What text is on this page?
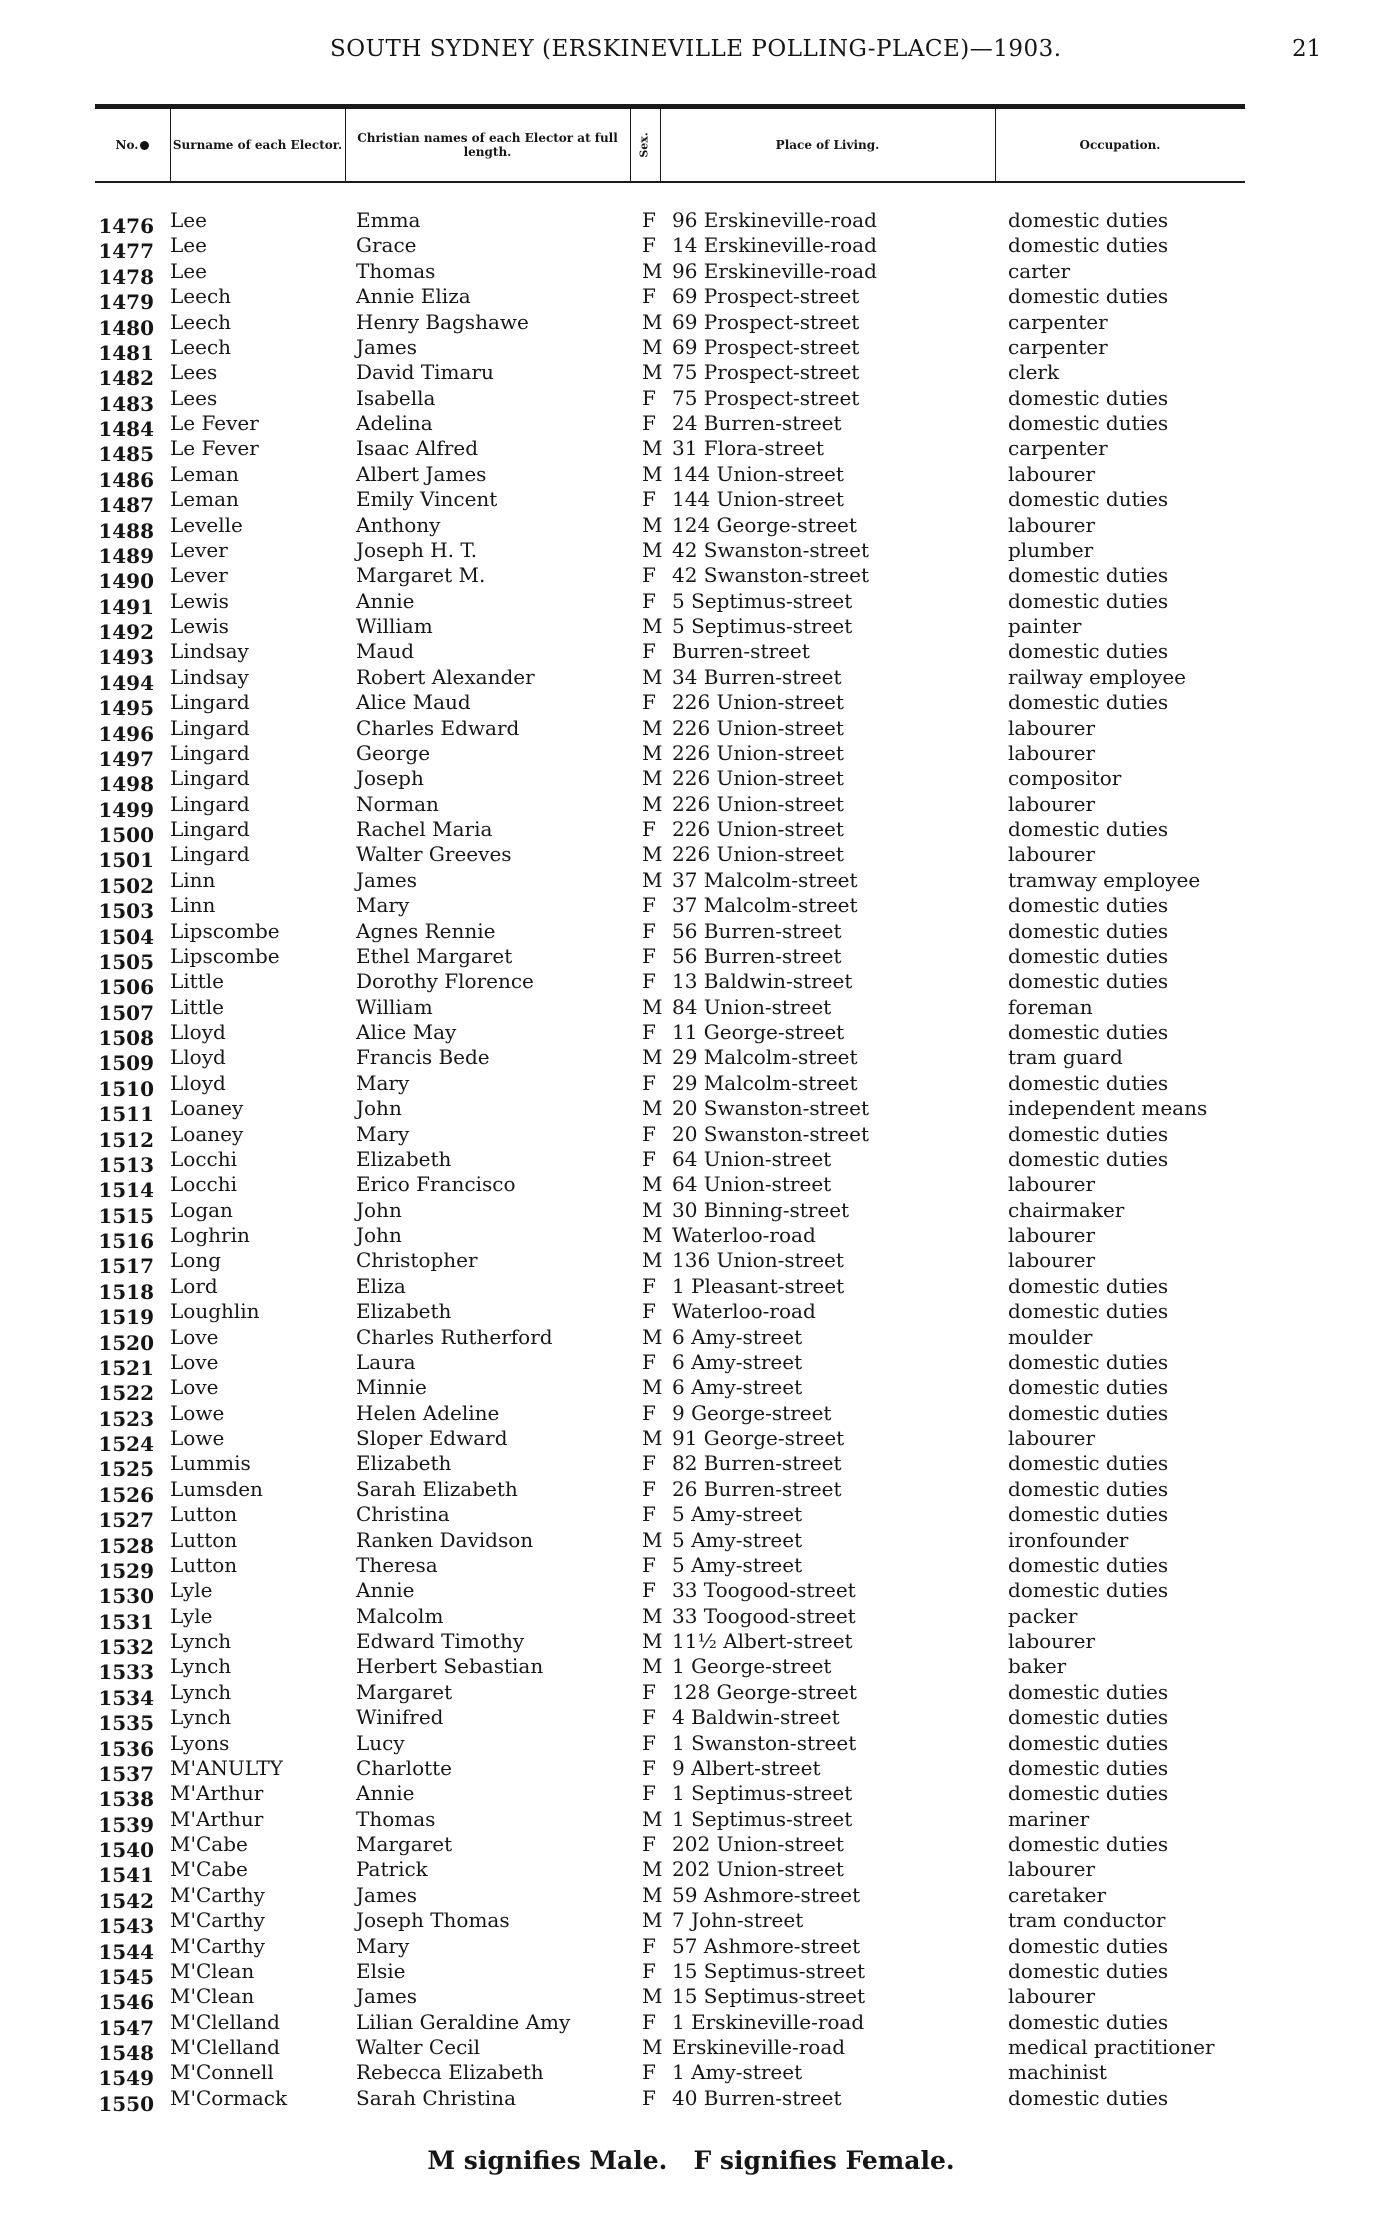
SOUTH SYDNEY (ERSKINEVILLE POLLING-PLACE)—1903.	21
No.	Surname of each Elector.	Christian names of each Elector at full length.	Sex.	Place of Living.	Occupation.
1476 Lee	Emma	F 96 Erskineville-road	domestic duties
1477 Lee	Grace	F 14 Erskineville-road	domestic duties
1478 Lee	Thomas	M 96 Erskineville-road	carter
1479 Leech	Annie Eliza	F 69 Prospect-street	domestic duties
1480 Leech	Henry Bagshawe	M 69 Prospect-street	carpenter
1481 Leech	James	M 69 Prospect-street	carpenter
1482 Lees	David Timaru	M 75 Prospect-street	clerk
1483 Lees	Isabella	F 75 Prospect-street	domestic duties
1484 Le Fever	Adelina	F 24 Burren-street	domestic duties
1485 Le Fever	Isaac Alfred	M 31 Flora-street	carpenter
1486 Leman	Albert James	M 144 Union-street	labourer
1487 Leman	Emily Vincent	F 144 Union-street	domestic duties
1488 Levelle	Anthony	M 124 George-street	labourer
1489 Lever	Joseph H. T.	M 42 Swanston-street	plumber
1490 Lever	Margaret M.	F 42 Swanston-street	domestic duties
1491 Lewis	Annie	F 5 Septimus-street	domestic duties
1492 Lewis	William	M 5 Septimus-street	painter
1493 Lindsay	Maud	F Burren-street	domestic duties
1494 Lindsay	Robert Alexander	M 34 Burren-street	railway employee
1495 Lingard	Alice Maud	F 226 Union-street	domestic duties
1496 Lingard	Charles Edward	M 226 Union-street	labourer
1497 Lingard	George	M 226 Union-street	labourer
1498 Lingard	Joseph	M 226 Union-street	compositor
1499 Lingard	Norman	M 226 Union-street	labourer
1500 Lingard	Rachel Maria	F 226 Union-street	domestic duties
1501 Lingard	Walter Greeves	M 226 Union-street	labourer
1502 Linn	James	M 37 Malcolm-street	tramway employee
1503 Linn	Mary	F 37 Malcolm-street	domestic duties
1504 Lipscombe	Agnes Rennie	F 56 Burren-street	domestic duties
1505 Lipscombe	Ethel Margaret	F 56 Burren-street	domestic duties
1506 Little	Dorothy Florence	F 13 Baldwin-street	domestic duties
1507 Little	William	M 84 Union-street	foreman
1508 Lloyd	Alice May	F 11 George-street	domestic duties
1509 Lloyd	Francis Bede	M 29 Malcolm-street	tram guard
1510 Lloyd	Mary	F 29 Malcolm-street	domestic duties
1511 Loaney	John	M 20 Swanston-street	independent means
1512 Loaney	Mary	F 20 Swanston-street	domestic duties
1513 Locchi	Elizabeth	F 64 Union-street	domestic duties
1514 Locchi	Erico Francisco	M 64 Union-street	labourer
1515 Logan	John	M 30 Binning-street	chairmaker
1516 Loghrin	John	M Waterloo-road	labourer
1517 Long	Christopher	M 136 Union-street	labourer
1518 Lord	Eliza	F 1 Pleasant-street	domestic duties
1519 Loughlin	Elizabeth	F Waterloo-road	domestic duties
1520 Love	Charles Rutherford	M 6 Amy-street	moulder
1521 Love	Laura	F 6 Amy-street	domestic duties
1522 Love	Minnie	M 6 Amy-street	domestic duties
1523 Lowe	Helen Adeline	F 9 George-street	domestic duties
1524 Lowe	Sloper Edward	M 91 George-street	labourer
1525 Lummis	Elizabeth	F 82 Burren-street	domestic duties
1526 Lumsden	Sarah Elizabeth	F 26 Burren-street	domestic duties
1527 Lutton	Christina	F 5 Amy-street	domestic duties
1528 Lutton	Ranken Davidson	M 5 Amy-street	ironfounder
1529 Lutton	Theresa	F 5 Amy-street	domestic duties
1530 Lyle	Annie	F 33 Toogood-street	domestic duties
1531 Lyle	Malcolm	M 33 Toogood-street	packer
1532 Lynch	Edward Timothy	M 11½ Albert-street	labourer
1533 Lynch	Herbert Sebastian	M 1 George-street	baker
1534 Lynch	Margaret	F 128 George-street	domestic duties
1535 Lynch	Winifred	F 4 Baldwin-street	domestic duties
1536 Lyons	Lucy	F 1 Swanston-street	domestic duties
1537 M'ANULTY	Charlotte	F 9 Albert-street	domestic duties
1538 M'Arthur	Annie	F 1 Septimus-street	domestic duties
1539 M'Arthur	Thomas	M 1 Septimus-street	mariner
1540 M'Cabe	Margaret	F 202 Union-street	domestic duties
1541 M'Cabe	Patrick	M 202 Union-street	labourer
1542 M'Carthy	James	M 59 Ashmore-street	caretaker
1543 M'Carthy	Joseph Thomas	M 7 John-street	tram conductor
1544 M'Carthy	Mary	F 57 Ashmore-street	domestic duties
1545 M'Clean	Elsie	F 15 Septimus-street	domestic duties
1546 M'Clean	James	M 15 Septimus-street	labourer
1547 M'Clelland	Lilian Geraldine Amy	F 1 Erskineville-road	domestic duties
1548 M'Clelland	Walter Cecil	M Erskineville-road	medical practitioner
1549 M'Connell	Rebecca Elizabeth	F 1 Amy-street	machinist
1550 M'Cormack	Sarah Christina	F 40 Burren-street	domestic duties
M signifies Male. F signifies Female.
